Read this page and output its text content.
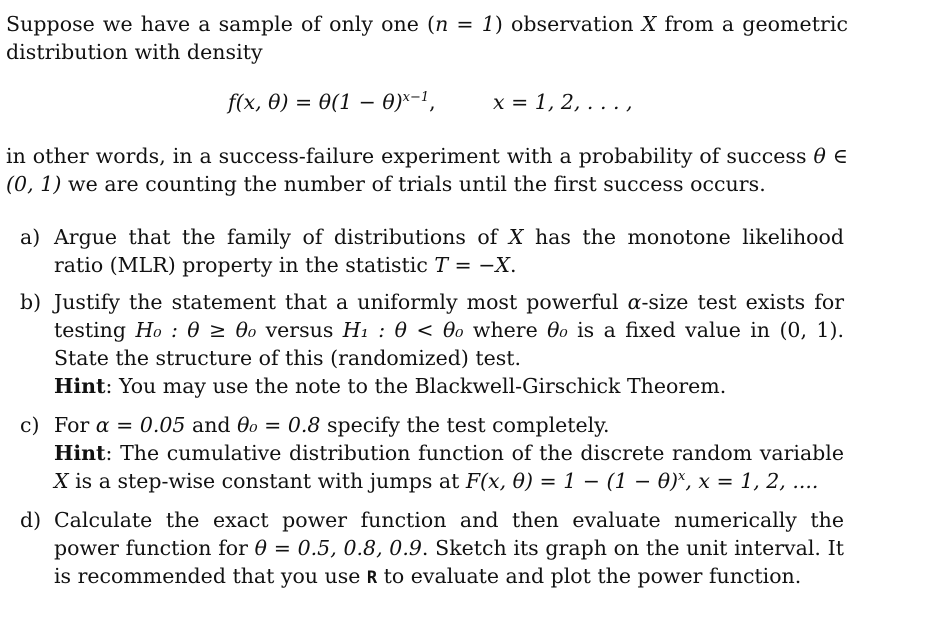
Suppose we have a sample of only one (n = 1) observation X from a geometric distribution with density

f(x, $\theta) = \theta(1 - \theta)^{x-1}$,	x = 1, 2, . . . ,

in other words, in a success-failure experiment with a probability of success θ ∈ (0, 1) we are counting the number of trials until the first success occurs.

a) Argue that the family of distributions of X has the monotone likelihood ratio (MLR) property in the statistic T = −X.

b) Justify the statement that a uniformly most powerful α-size test exists for testing H₀ : θ ≥ θ₀ versus H₁ : θ < θ₀ where θ₀ is a fixed value in (0, 1). State the structure of this (randomized) test.

Hint: You may use the note to the Blackwell-Girschick Theorem.

c) For α = 0.05 and θ₀ = 0.8 specify the test completely.

Hint: The cumulative distribution function of the discrete random variable X is a step-wise constant with jumps at F(x, $\theta) = 1 - (1 - \theta)^x$, x = 1, 2, ....

d) Calculate the exact power function and then evaluate numerically the power function for θ = 0.5, 0.8, 0.9. Sketch its graph on the unit interval. It is recommended that you use R to evaluate and plot the power function.
